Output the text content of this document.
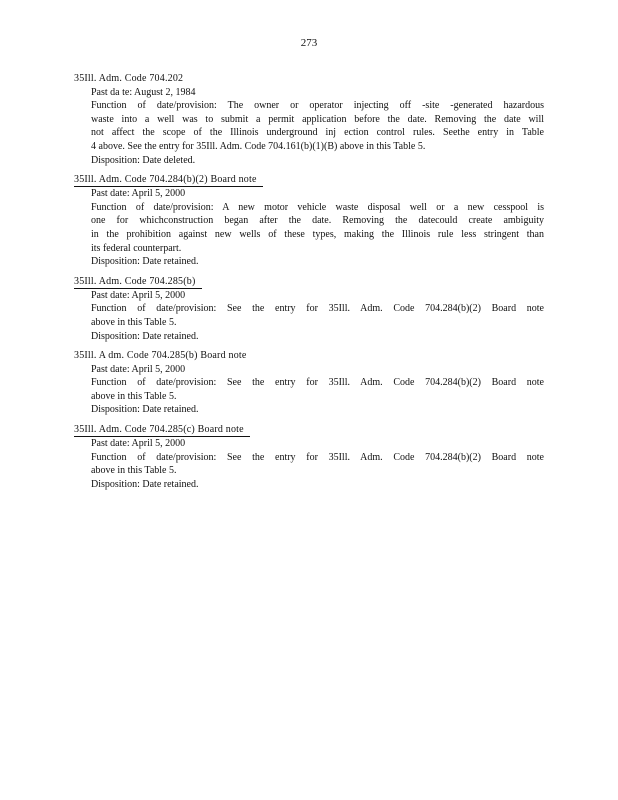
273
35Ill. Adm. Code 704.202
Past da te: August 2, 1984
Function of date/provision: The owner or operator injecting off -site -generated hazardous
waste into a well was to submit a permit application before the date. Removing the date will
not affect the scope of the Illinois underground inj ection control rules. Seethe entry in Table
4 above. See the entry for 35Ill. Adm. Code 704.161(b)(1)(B) above in this Table 5.
Disposition: Date deleted.
35Ill. Adm. Code 704.284(b)(2) Board note
Past date: April 5, 2000
Function of date/provision: A new motor vehicle waste disposal well or a new cesspool is
one for whichconstruction began after the date. Removing the datecould create ambiguity
in the prohibition against new wells of these types, making the Illinois rule less stringent than
its federal counterpart.
Disposition: Date retained.
35Ill. Adm. Code 704.285(b)
Past date: April 5, 2000
Function of date/provision: See the entry for 35Ill. Adm. Code 704.284(b)(2) Board note
above in this Table 5.
Disposition: Date retained.
35Ill. A dm. Code 704.285(b) Board note
Past date: April 5, 2000
Function of date/provision: See the entry for 35Ill. Adm. Code 704.284(b)(2) Board note
above in this Table 5.
Disposition: Date retained.
35Ill. Adm. Code 704.285(c) Board note
Past date: April 5, 2000
Function of date/provision: See the entry for 35Ill. Adm. Code 704.284(b)(2) Board note
above in this Table 5.
Disposition: Date retained.
